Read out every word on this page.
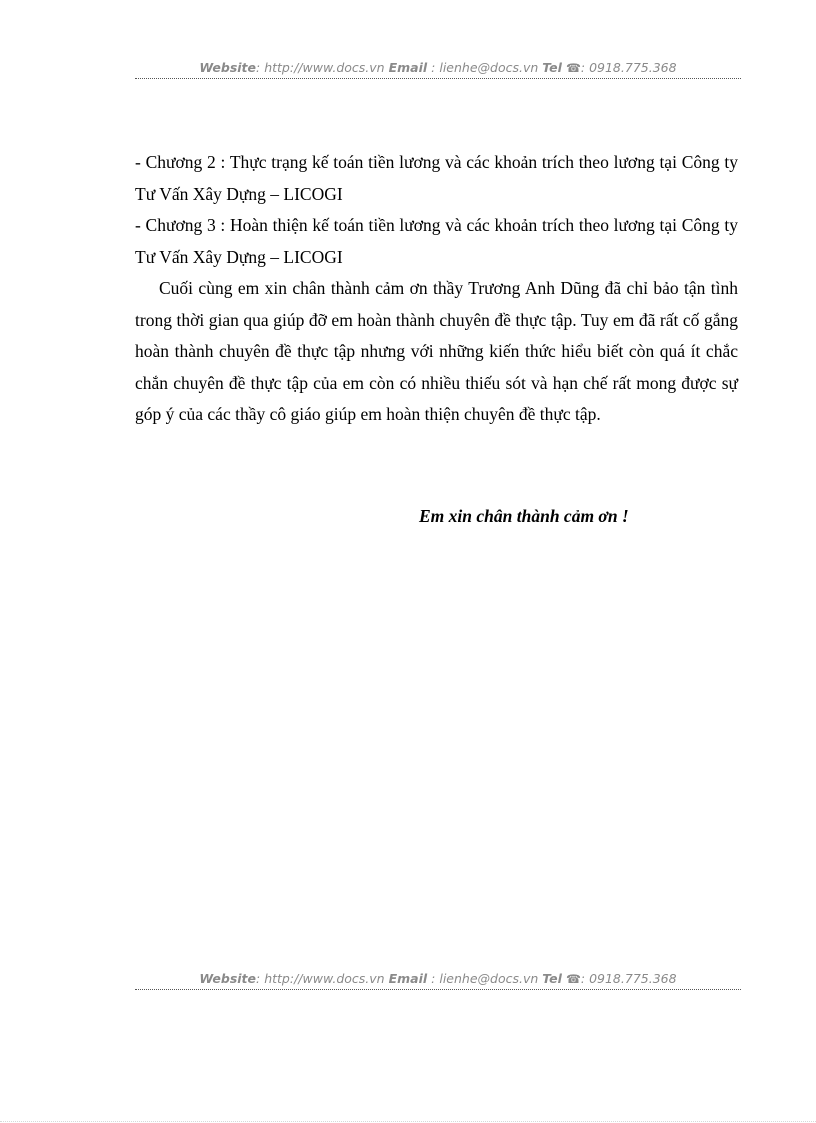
Website: http://www.docs.vn Email : lienhe@docs.vn Tel ☎: 0918.775.368

- Chương 2 : Thực trạng kế toán tiền lương và các khoản trích theo lương tại Công ty Tư Vấn Xây Dựng – LICOGI

- Chương 3 : Hoàn thiện kế toán tiền lương và các khoản trích theo lương tại Công ty Tư Vấn Xây Dựng – LICOGI

Cuối cùng em xin chân thành cảm ơn thầy Trương Anh Dũng đã chỉ bảo tận tình trong thời gian qua giúp đỡ em hoàn thành chuyên đề thực tập. Tuy em đã rất cố gắng hoàn thành chuyên đề thực tập nhưng với những kiến thức hiểu biết còn quá ít chắc chắn chuyên đề thực tập của em còn có nhiều thiếu sót và hạn chế rất mong được sự góp ý của các thầy cô giáo giúp em hoàn thiện chuyên đề thực tập.

Em xin chân thành cảm ơn !
Website: http://www.docs.vn Email : lienhe@docs.vn Tel ☎: 0918.775.368
